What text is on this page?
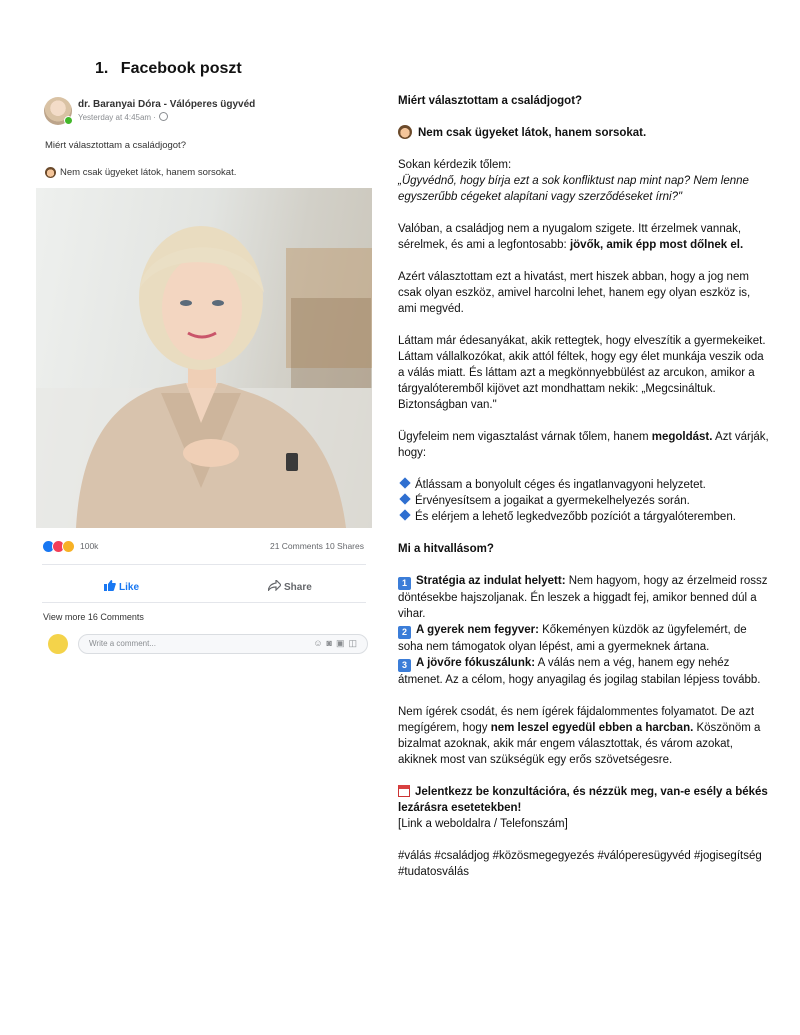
1. Facebook poszt
dr. Baranyai Dóra - Válóperes ügyvéd
Yesterday at 4:45am ·
Miért választottam a családjogot?
Nem csak ügyeket látok, hanem sorsokat.
100k	21 Comments 10 Shares
Like	Share
View more 16 Comments
Write a comment...	☺◙▣◫

Miért választottam a családjogot?

Nem csak ügyeket látok, hanem sorsokat.

Sokan kérdezik tőlem:
„Ügyvédnő, hogy bírja ezt a sok konfliktust nap mint nap? Nem lenne egyszerűbb cégeket alapítani vagy szerződéseket írni?"

Valóban, a családjog nem a nyugalom szigete. Itt érzelmek vannak, sérelmek, és ami a legfontosabb: jövők, amik épp most dőlnek el.

Azért választottam ezt a hivatást, mert hiszek abban, hogy a jog nem csak olyan eszköz, amivel harcolni lehet, hanem egy olyan eszköz is, ami megvéd.

Láttam már édesanyákat, akik rettegtek, hogy elveszítik a gyermekeiket. Láttam vállalkozókat, akik attól féltek, hogy egy élet munkája veszik oda a válás miatt. És láttam azt a megkönnyebbülést az arcukon, amikor a tárgyalóteremből kijövet azt mondhattam nekik: „Megcsináltuk. Biztonságban van."

Ügyfeleim nem vigasztalást várnak tőlem, hanem megoldást. Azt várják, hogy:

Átlássam a bonyolult céges és ingatlanvagyoni helyzetet.
Érvényesítsem a jogaikat a gyermekelhelyezés során.
És elérjem a lehető legkedvezőbb pozíciót a tárgyalóteremben.

Mi a hitvallásom?

1 Stratégia az indulat helyett: Nem hagyom, hogy az érzelmeid rossz döntésekbe hajszoljanak. Én leszek a higgadt fej, amikor benned dúl a vihar.
2 A gyerek nem fegyver: Kőkeményen küzdök az ügyfelemért, de soha nem támogatok olyan lépést, ami a gyermeknek ártana.
3 A jövőre fókuszálunk: A válás nem a vég, hanem egy nehéz átmenet. Az a célom, hogy anyagilag és jogilag stabilan lépjess tovább.

Nem ígérek csodát, és nem ígérek fájdalommentes folyamatot. De azt megígérem, hogy nem leszel egyedül ebben a harcban. Köszönöm a bizalmat azoknak, akik már engem választottak, és várom azokat, akiknek most van szükségük egy erős szövetségesre.

Jelentkezz be konzultációra, és nézzük meg, van-e esély a békés lezárásra esetetekben!
[Link a weboldalra / Telefonszám]

#válás #családjog #közösmegegyezés #válóperesügyvéd #jogisegítség #tudatosválás
